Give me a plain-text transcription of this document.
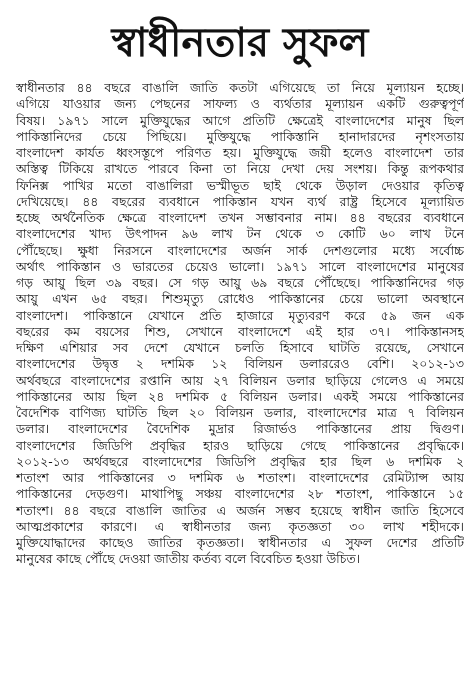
স্বাধীনতার সুফল
স্বাধীনতার ৪৪ বছরে বাঙালি জাতি কতটা এগিয়েছে তা নিয়ে মূল্যায়ন হচ্ছে।
এগিয়ে যাওয়ার জন্য পেছনের সাফল্য ও ব্যর্থতার মূল্যায়ন একটি গুরুত্বপূর্ণ
বিষয়। ১৯৭১ সালে মুক্তিযুদ্ধের আগে প্রতিটি ক্ষেত্রেই বাংলাদেশের মানুষ ছিল
পাকিস্তানিদের চেয়ে পিছিয়ে। মুক্তিযুদ্ধে পাকিস্তানি হানাদারদের নৃশংসতায়
বাংলাদেশ কার্যত ধ্বংসস্তূপে পরিণত হয়। মুক্তিযুদ্ধে জয়ী হলেও বাংলাদেশ তার
অস্তিত্ব টিকিয়ে রাখতে পারবে কিনা তা নিয়ে দেখা দেয় সংশয়। কিন্তু রূপকথার
ফিনিক্স পাখির মতো বাঙালিরা ভস্মীভূত ছাই থেকে উড়াল দেওয়ার কৃতিত্ব
দেখিয়েছে। ৪৪ বছরের ব্যবধানে পাকিস্তান যখন ব্যর্থ রাষ্ট্র হিসেবে মূল্যায়িত
হচ্ছে অর্থনৈতিক ক্ষেত্রে বাংলাদেশ তখন সম্ভাবনার নাম। ৪৪ বছরের ব্যবধানে
বাংলাদেশের খাদ্য উৎপাদন ৯৬ লাখ টন থেকে ৩ কোটি ৬০ লাখ টনে
পৌঁছেছে। ক্ষুধা নিরসনে বাংলাদেশের অর্জন সার্ক দেশগুলোর মধ্যে সর্বোচ্চ
অর্থাৎ পাকিস্তান ও ভারতের চেয়েও ভালো। ১৯৭১ সালে বাংলাদেশের মানুষের
গড় আয়ু ছিল ৩৯ বছর। সে গড় আয়ু ৬৯ বছরে পৌঁছেছে। পাকিস্তানিদের গড়
আয়ু এখন ৬৫ বছর। শিশুমৃত্যু রোধেও পাকিস্তানের চেয়ে ভালো অবস্থানে
বাংলাদেশ। পাকিস্তানে যেখানে প্রতি হাজারে মৃত্যুবরণ করে ৫৯ জন এক
বছরের কম বয়সের শিশু, সেখানে বাংলাদেশে এই হার ৩৭। পাকিস্তানসহ
দক্ষিণ এশিয়ার সব দেশে যেখানে চলতি হিসাবে ঘাটতি রয়েছে, সেখানে
বাংলাদেশের উদ্বৃত্ত ২ দশমিক ১২ বিলিয়ন ডলাররেও বেশি। ২০১২-১৩
অর্থবছরে বাংলাদেশের রপ্তানি আয় ২৭ বিলিয়ন ডলার ছাড়িয়ে গেলেও এ সময়ে
পাকিস্তানের আয় ছিল ২৪ দশমিক ৫ বিলিয়ন ডলার। একই সময়ে পাকিস্তানের
বৈদেশিক বাণিজ্য ঘাটতি ছিল ২০ বিলিয়ন ডলার, বাংলাদেশের মাত্র ৭ বিলিয়ন
ডলার। বাংলাদেশের বৈদেশিক মুদ্রার রিজার্ভও পাকিস্তানের প্রায় দ্বিগুণ।
বাংলাদেশের জিডিপি প্রবৃদ্ধির হারও ছাড়িয়ে গেছে পাকিস্তানের প্রবৃদ্ধিকে।
২০১২-১৩ অর্থবছরে বাংলাদেশের জিডিপি প্রবৃদ্ধির হার ছিল ৬ দশমিক ২
শতাংশ আর পাকিস্তানের ৩ দশমিক ৬ শতাংশ। বাংলাদেশের রেমিট্যান্স আয়
পাকিস্তানের দেড়গুণ। মাথাপিছু সঞ্চয় বাংলাদেশের ২৮ শতাংশ, পাকিস্তানে ১৫
শতাংশ। ৪৪ বছরে বাঙালি জাতির এ অর্জন সম্ভব হয়েছে স্বাধীন জাতি হিসেবে
আত্মপ্রকাশের কারণে। এ স্বাধীনতার জন্য কৃতজ্ঞতা ৩০ লাখ শহীদকে।
মুক্তিযোদ্ধাদের কাছেও জাতির কৃতজ্ঞতা। স্বাধীনতার এ সুফল দেশের প্রতিটি
মানুষের কাছে পৌঁছে দেওয়া জাতীয় কর্তব্য বলে বিবেচিত হওয়া উচিত।
